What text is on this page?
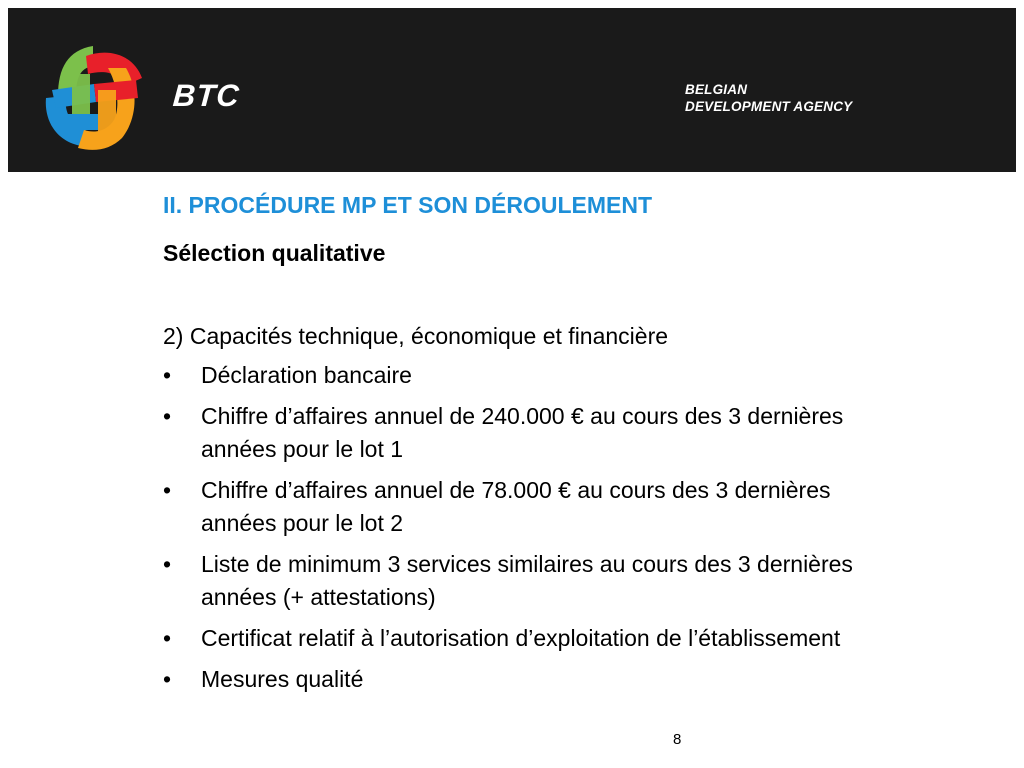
BTC	BELGIAN
DEVELOPMENT AGENCY
II. PROCÉDURE MP ET SON DÉROULEMENT
Sélection qualitative

2) Capacités technique, économique et financière

• Déclaration bancaire
• Chiffre d’affaires annuel de 240.000 € au cours des 3 dernières années pour le lot 1
• Chiffre d’affaires annuel de 78.000 € au cours des 3 dernières années pour le lot 2
• Liste de minimum 3 services similaires au cours des 3 dernières années (+ attestations)
• Certificat relatif à l’autorisation d’exploitation de l’établissement
• Mesures qualité
8
